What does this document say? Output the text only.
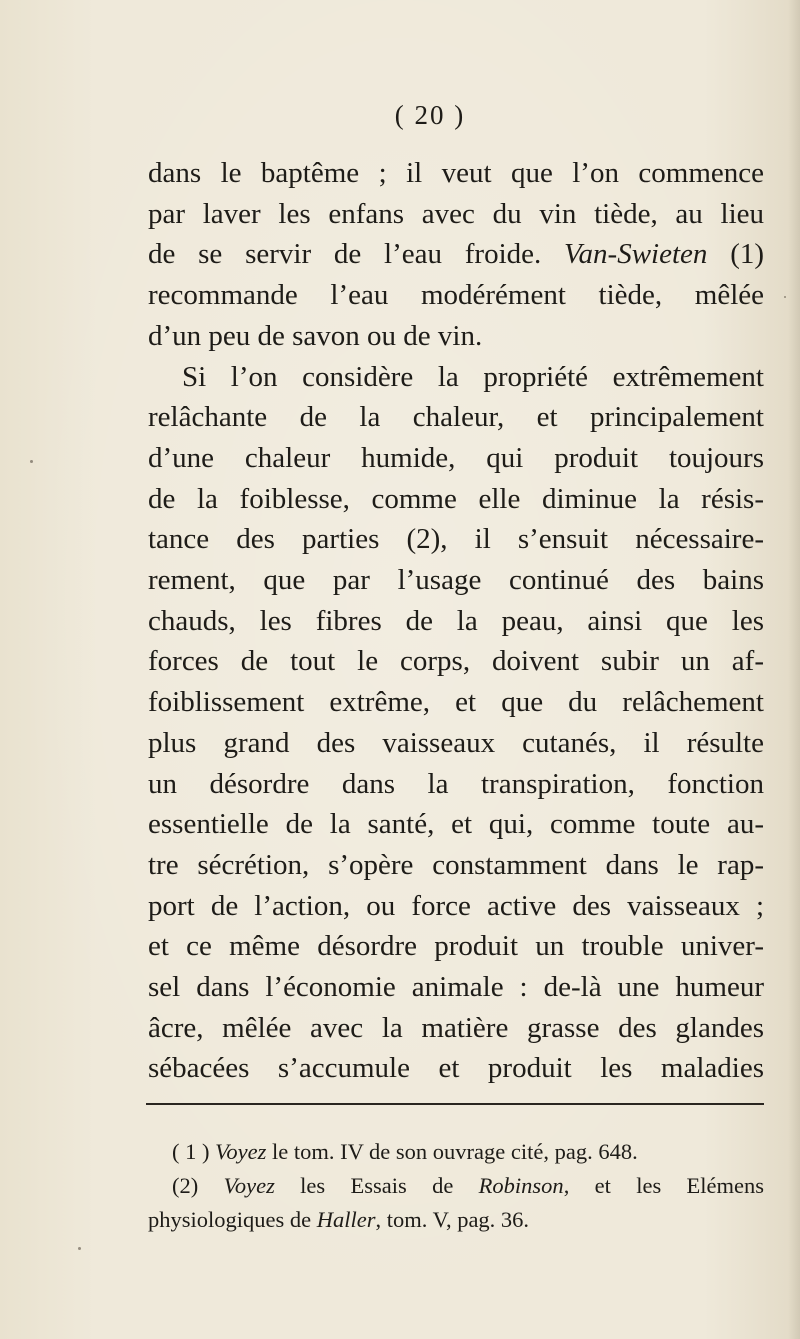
( 20 )
dans le baptême ; il veut que l’on commence
par laver les enfans avec du vin tiède, au lieu
de se servir de l’eau froide. Van-Swieten (1)
recommande l’eau modérément tiède, mêlée
d’un peu de savon ou de vin.
Si l’on considère la propriété extrêmement
relâchante de la chaleur, et principalement
d’une chaleur humide, qui produit toujours
de la foiblesse, comme elle diminue la résis-
tance des parties (2), il s’ensuit nécessaire-
rement, que par l’usage continué des bains
chauds, les fibres de la peau, ainsi que les
forces de tout le corps, doivent subir un af-
foiblissement extrême, et que du relâchement
plus grand des vaisseaux cutanés, il résulte
un désordre dans la transpiration, fonction
essentielle de la santé, et qui, comme toute au-
tre sécrétion, s’opère constamment dans le rap-
port de l’action, ou force active des vaisseaux ;
et ce même désordre produit un trouble univer-
sel dans l’économie animale : de-là une humeur
âcre, mêlée avec la matière grasse des glandes
sébacées s’accumule et produit les maladies
( 1 ) Voyez le tom. IV de son ouvrage cité, pag. 648.
(2) Voyez les Essais de Robinson, et les Elémens
physiologiques de Haller, tom. V, pag. 36.
